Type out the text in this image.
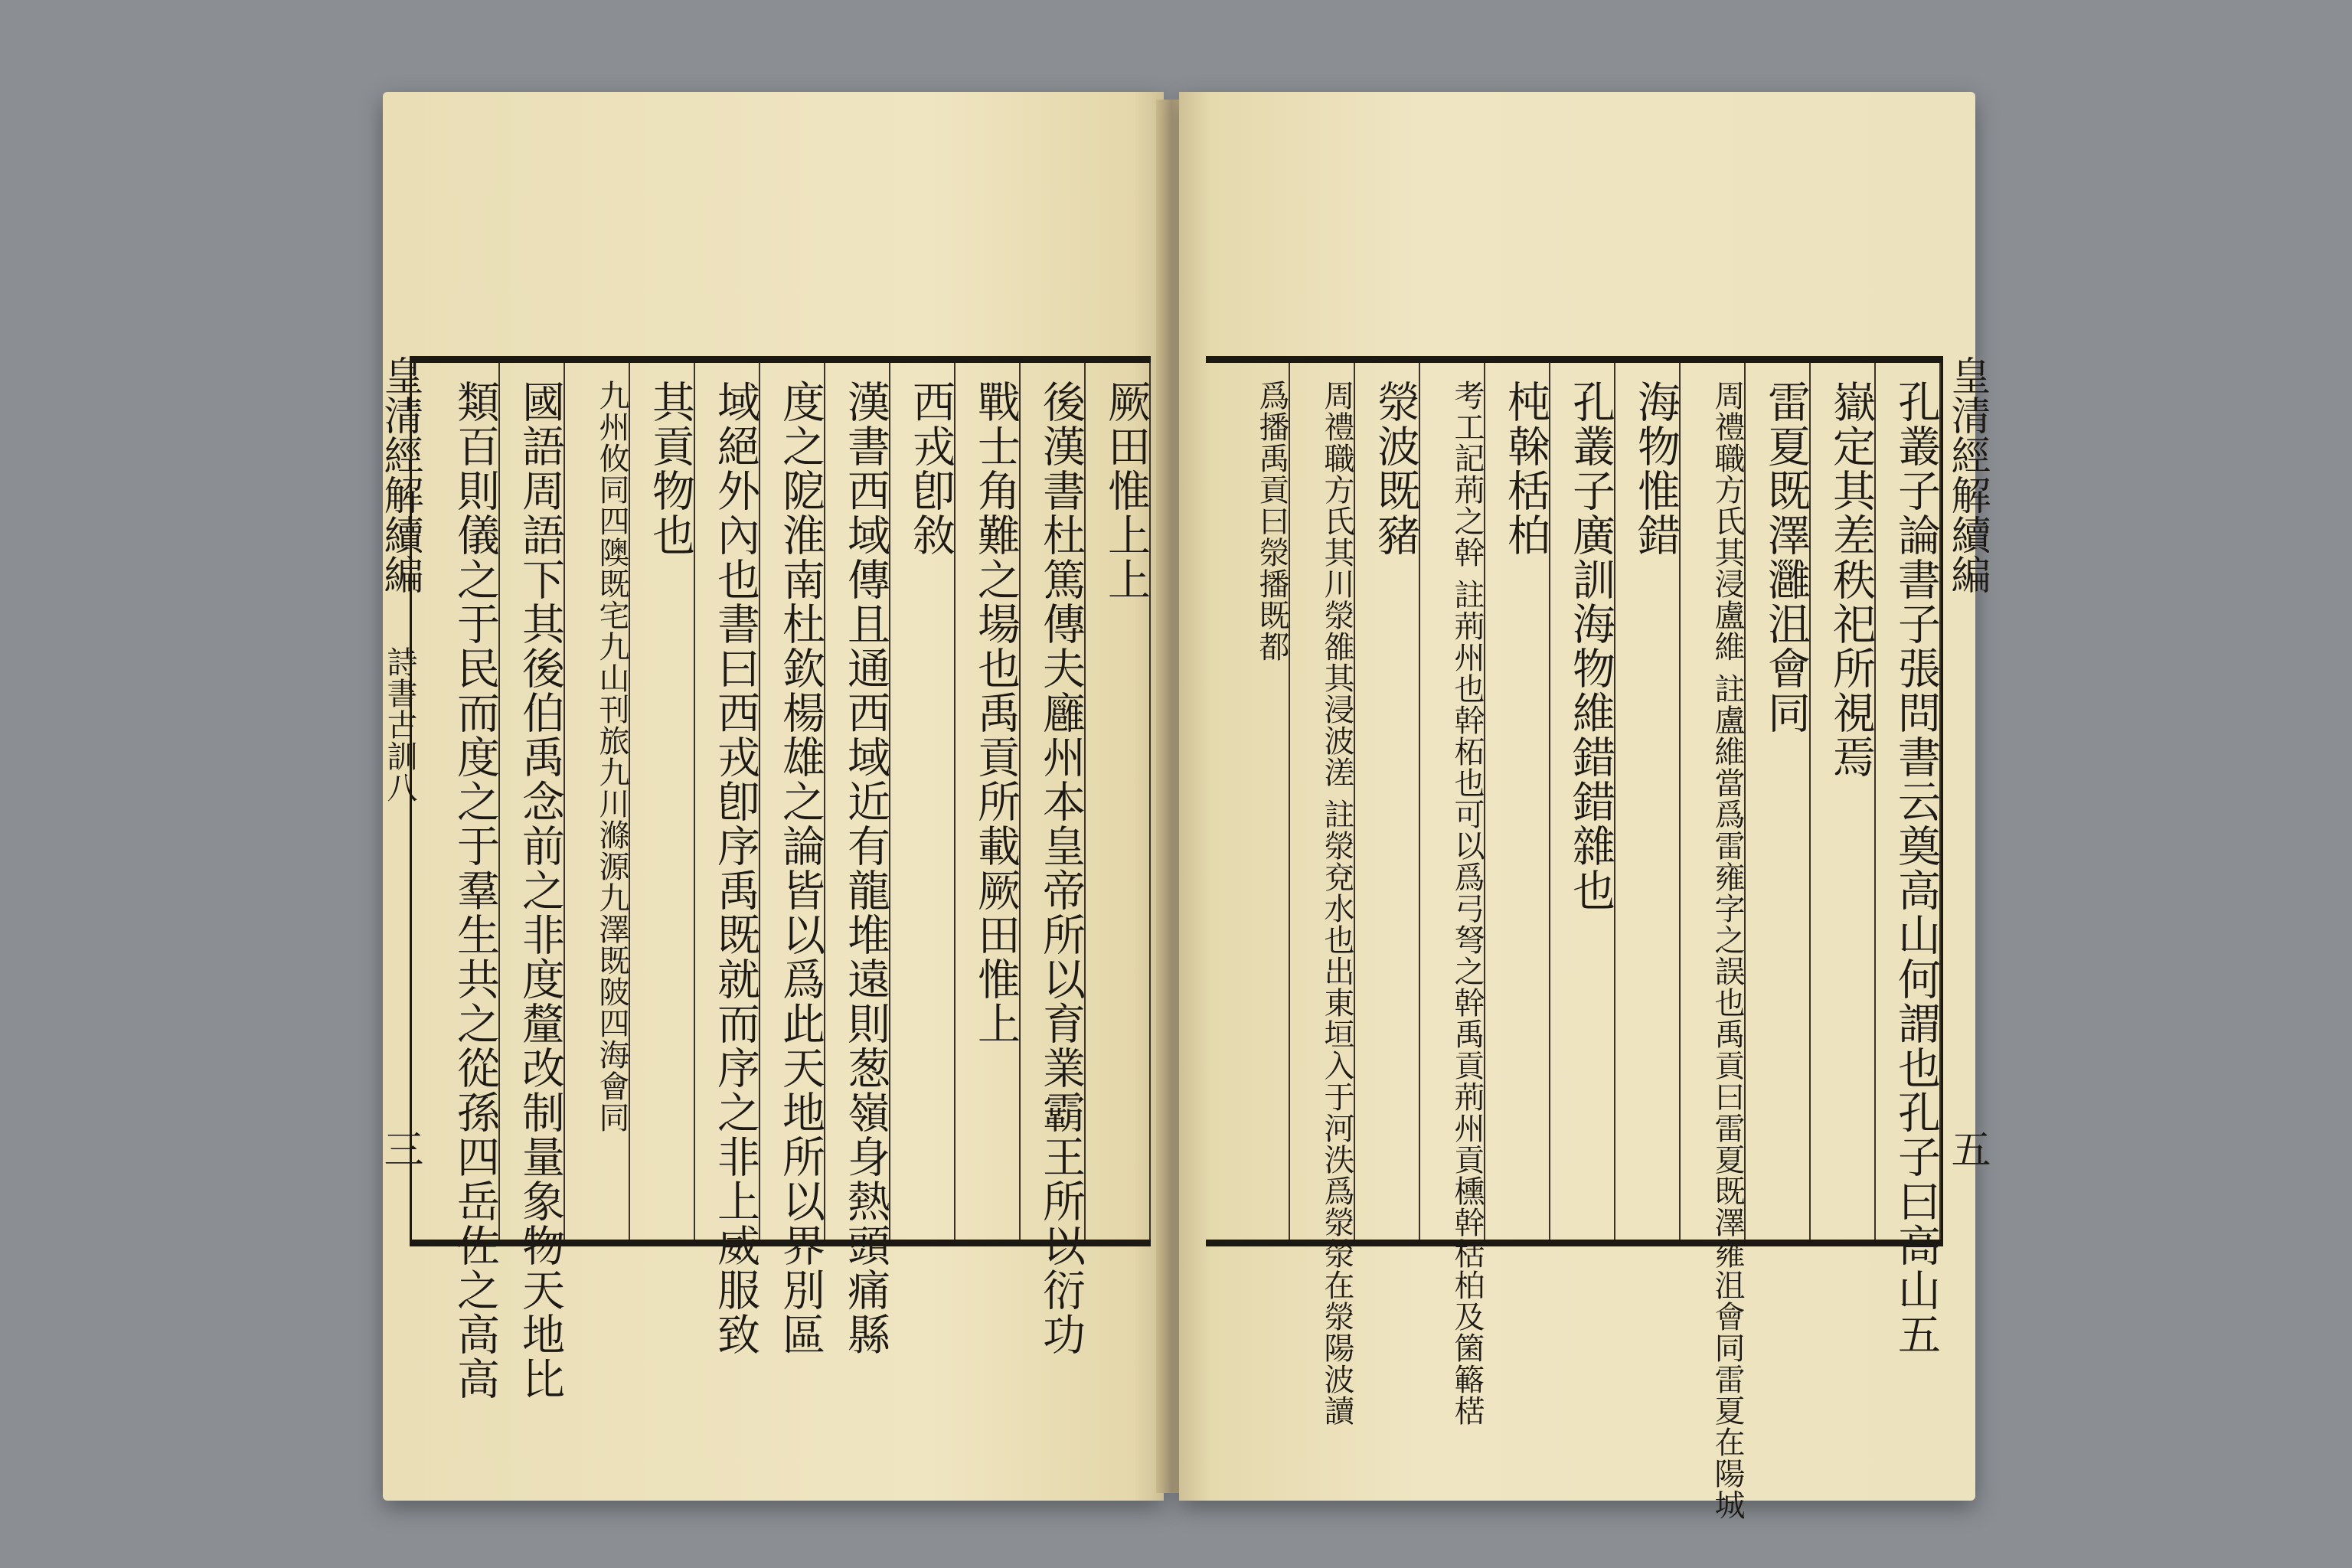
皇清經解續編
詩書古訓八
三
厥田惟上上
後漢書杜篤傳夫廱州本皇帝所以育業霸王所以衍功
戰士角難之場也禹貢所載厥田惟上
西戎卽敘
漢書西域傳且通西域近有龍堆遠則葱嶺身熱頭痛縣
度之阸淮南杜欽楊雄之論皆以爲此天地所以界別區
域絕外內也書曰西戎卽序禹既就而序之非上威服致
其貢物也
九州攸同四隩既宅九山刊旅九川滌源九澤既陂四海會同
國語周語下其後伯禹念前之非度釐改制量象物天地比
類百則儀之于民而度之于羣生共之從孫四岳佐之高高	皇清經解續編
五
孔叢子論書子張問書云奠高山何謂也孔子曰高山五
嶽定其差秩祀所視焉
雷夏既澤灉沮會同
周禮職方氏其浸盧維 註盧維當爲雷雍字之誤也禹貢曰雷夏既澤雍沮會同雷夏在陽城
海物惟錯
孔叢子廣訓海物維錯錯雜也
杶榦栝柏
考工記荊之幹 註荊州也幹柘也可以爲弓弩之幹禹貢荊州貢櫄幹栝柏及箘簵楛
滎波既豬
周禮職方氏其川滎雒其浸波溠 註滎兗水也出東垣入于河泆爲滎滎在滎陽波讀
爲播禹貢曰滎播既都
